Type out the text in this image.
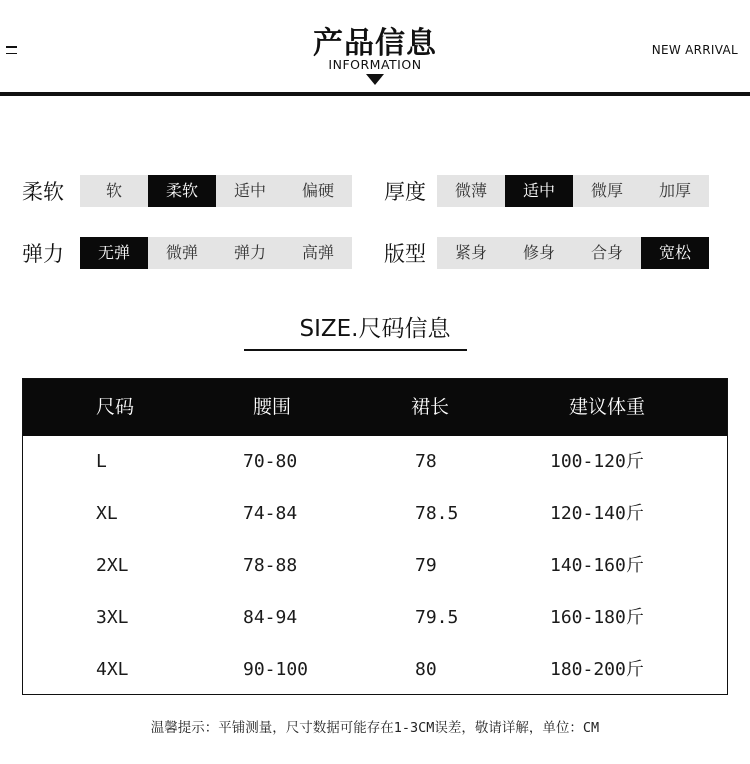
产品信息
INFORMATION
NEW ARRIVAL
柔软	软	柔软	适中	偏硬	厚度	微薄	适中	微厚	加厚
弹力	无弹	微弹	弹力	高弹	版型	紧身	修身	合身	宽松
SIZE.尺码信息
尺码	腰围	裙长	建议体重
L	70-80	78	100-120斤
XL	74-84	78.5	120-140斤
2XL	78-88	79	140-160斤
3XL	84-94	79.5	160-180斤
4XL	90-100	80	180-200斤
温馨提示：平铺测量，尺寸数据可能存在1-3CM误差，敬请详解，单位：CM
